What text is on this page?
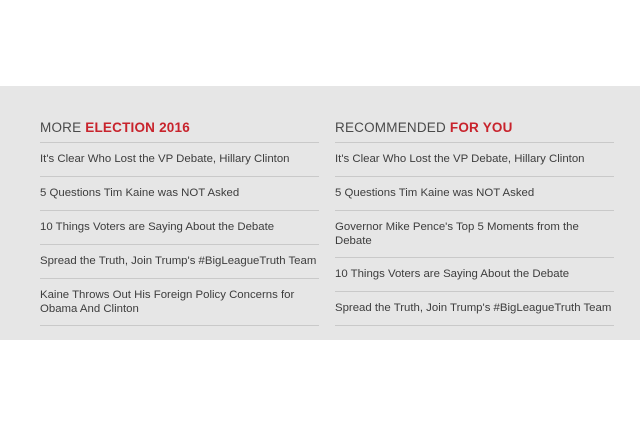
MORE ELECTION 2016
It's Clear Who Lost the VP Debate, Hillary Clinton
5 Questions Tim Kaine was NOT Asked
10 Things Voters are Saying About the Debate
Spread the Truth, Join Trump's #BigLeagueTruth Team
Kaine Throws Out His Foreign Policy Concerns for Obama And Clinton
RECOMMENDED FOR YOU
It's Clear Who Lost the VP Debate, Hillary Clinton
5 Questions Tim Kaine was NOT Asked
Governor Mike Pence's Top 5 Moments from the Debate
10 Things Voters are Saying About the Debate
Spread the Truth, Join Trump's #BigLeagueTruth Team
